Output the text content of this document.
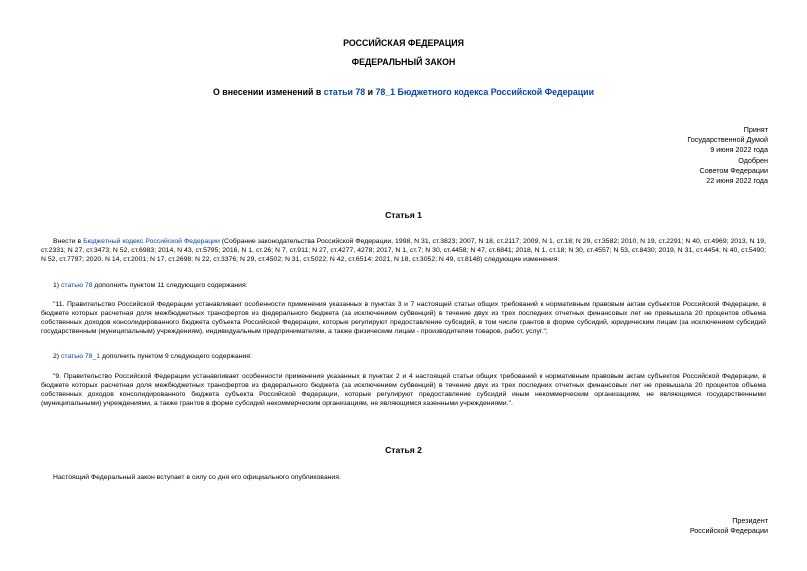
РОССИЙСКАЯ ФЕДЕРАЦИЯ
ФЕДЕРАЛЬНЫЙ ЗАКОН
О внесении изменений в статьи 78 и 78_1 Бюджетного кодекса Российской Федерации
Принят
Государственной Думой
9 июня 2022 года
Одобрен
Советом Федерации
22 июня 2022 года
Статья 1
Внести в Бюджетный кодекс Российской Федерации (Собрание законодательства Российской Федерации, 1998, N 31, ст.3823; 2007, N 18, ст.2117; 2009, N 1, ст.18; N 29, ст.3582; 2010, N 19, ст.2291; N 40, ст.4969; 2013, N 19, ст.2331; N 27, ст.3473; N 52, ст.6983; 2014, N 43, ст.5795; 2016, N 1, ст.26; N 7, ст.911; N 27, ст.4277, 4278; 2017, N 1, ст.7; N 30, ст.4458; N 47, ст.6841; 2018, N 1, ст.18; N 30, ст.4557; N 53, ст.8430; 2019, N 31, ст.4454; N 40, ст.5490; N 52, ст.7797; 2020, N 14, ст.2001; N 17, ст.2698; N 22, ст.3376; N 29, ст.4502; N 31, ст.5022; N 42, ст.6514; 2021, N 18, ст.3052; N 49, ст.8148) следующие изменения:
1) статью 78 дополнить пунктом 11 следующего содержания:
"11. Правительство Российской Федерации устанавливает особенности применения указанных в пунктах 3 и 7 настоящей статьи общих требований к нормативным правовым актам субъектов Российской Федерации, в бюджете которых расчетная доля межбюджетных трансфертов из федерального бюджета (за исключением субвенций) в течение двух из трех последних отчетных финансовых лет не превышала 20 процентов объема собственных доходов консолидированного бюджета субъекта Российской Федерации, которые регулируют предоставление субсидий, в том числе грантов в форме субсидий, юридическим лицам (за исключением субсидий государственным (муниципальным) учреждениям), индивидуальным предпринимателям, а также физическим лицам - производителям товаров, работ, услуг.";
2) статью 78_1 дополнить пунктом 9 следующего содержания:
"9. Правительство Российской Федерации устанавливает особенности применения указанных в пунктах 2 и 4 настоящей статьи общих требований к нормативным правовым актам субъектов Российской Федерации, в бюджете которых расчетная доля межбюджетных трансфертов из федерального бюджета (за исключением субвенций) в течение двух из трех последних отчетных финансовых лет не превышала 20 процентов объема собственных доходов консолидированного бюджета субъекта Российской Федерации, которые регулируют предоставление субсидий иным некоммерческим организациям, не являющимся государственными (муниципальными) учреждениями, а также грантов в форме субсидий некоммерческим организациям, не являющимся казенными учреждениями.".
Статья 2
Настоящий Федеральный закон вступает в силу со дня его официального опубликования.
Президент
Российской Федерации
